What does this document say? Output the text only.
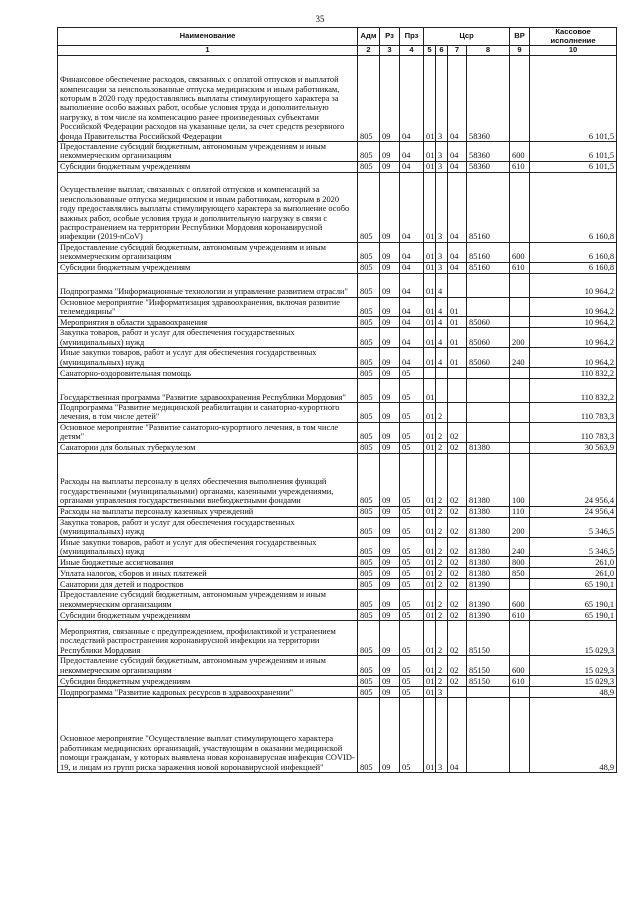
35
Наименование	Адм	Рз	Прз	Цср				ВР	Кассовое исполнение
1	2	3	4	5	6	7	8	9	10
Финансовое обеспечение расходов, связанных с оплатой отпусков и выплатой компенсации за неиспользованные отпуска медицинским и иным работникам, которым в 2020 году предоставлялись выплаты стимулирующего характера за выполнение особо важных работ, особые условия труда и дополнительную нагрузку, в том числе на компенсацию ранее произведенных субъектами Российской Федерации расходов на указанные цели, за счет средств резервного фонда Правительства Российской Федерации	805	09	04	01	3	04	58360		6 101,5
Предоставление субсидий бюджетным, автономным учреждениям и иным некоммерческим организациям	805	09	04	01	3	04	58360	600	6 101,5
Субсидии бюджетным учреждениям	805	09	04	01	3	04	58360	610	6 101,5
Осуществление выплат, связанных с оплатой отпусков и компенсаций за неиспользованные отпуска медицинским и иным работникам, которым в 2020 году предоставлялись выплаты стимулирующего характера за выполнение особо важных работ, особые условия труда и дополнительную нагрузку в связи с распространением на территории Республики Мордовия коронавирусной инфекции (2019-nCoV)	805	09	04	01	3	04	85160		6 160,8
Предоставление субсидий бюджетным, автономным учреждениям и иным некоммерческим организациям	805	09	04	01	3	04	85160	600	6 160,8
Субсидии бюджетным учреждениям	805	09	04	01	3	04	85160	610	6 160,8
Подпрограмма "Информационные технологии и управление развитием отрасли"	805	09	04	01	4				10 964,2
Основное мероприятие "Информатизация здравоохранения, включая развитие телемедицины"	805	09	04	01	4	01			10 964,2
Мероприятия в области здравоохранения	805	09	04	01	4	01	85060		10 964,2
Закупка товаров, работ и услуг для обеспечения государственных (муниципальных) нужд	805	09	04	01	4	01	85060	200	10 964,2
Иные закупки товаров, работ и услуг для обеспечения государственных (муниципальных) нужд	805	09	04	01	4	01	85060	240	10 964,2
Санаторно-оздоровительная помощь	805	09	05						110 832,2
Государственная программа "Развитие здравоохранения Республики Мордовия"	805	09	05	01					110 832,2
Подпрограмма "Развитие медицинской реабилитации и санаторно-курортного лечения, в том числе детей"	805	09	05	01	2				110 783,3
Основное мероприятие "Развитие санаторно-курортного лечения, в том числе детям"	805	09	05	01	2	02			110 783,3
Санатории для больных туберкулезом	805	09	05	01	2	02	81380		30 563,9
Расходы на выплаты персоналу в целях обеспечения выполнения функций государственными (муниципальными) органами, казенными учреждениями, органами управления государственными внебюджетными фондами	805	09	05	01	2	02	81380	100	24 956,4
Расходы на выплаты персоналу казенных учреждений	805	09	05	01	2	02	81380	110	24 956,4
Закупка товаров, работ и услуг для обеспечения государственных (муниципальных) нужд	805	09	05	01	2	02	81380	200	5 346,5
Иные закупки товаров, работ и услуг для обеспечения государственных (муниципальных) нужд	805	09	05	01	2	02	81380	240	5 346,5
Иные бюджетные ассигнования	805	09	05	01	2	02	81380	800	261,0
Уплата налогов, сборов и иных платежей	805	09	05	01	2	02	81380	850	261,0
Санатории для детей и подростков	805	09	05	01	2	02	81390		65 190,1
Предоставление субсидий бюджетным, автономным учреждениям и иным некоммерческим организациям	805	09	05	01	2	02	81390	600	65 190,1
Субсидии бюджетным учреждениям	805	09	05	01	2	02	81390	610	65 190,1
Мероприятия, связанные с предупреждением, профилактикой и устранением последствий распространения коронавирусной инфекции на территории Республики Мордовия	805	09	05	01	2	02	85150		15 029,3
Предоставление субсидий бюджетным, автономным учреждениям и иным некоммерческим организациям	805	09	05	01	2	02	85150	600	15 029,3
Субсидии бюджетным учреждениям	805	09	05	01	2	02	85150	610	15 029,3
Подпрограмма "Развитие кадровых ресурсов в здравоохранении"	805	09	05	01	3				48,9
Основное мероприятие "Осуществление выплат стимулирующего характера работникам медицинских организаций, участвующим в оказании медицинской помощи гражданам, у которых выявлена новая коронавирусная инфекция COVID-19, и лицам из групп риска заражения новой коронавирусной инфекцией"	805	09	05	01	3	04			48,9
